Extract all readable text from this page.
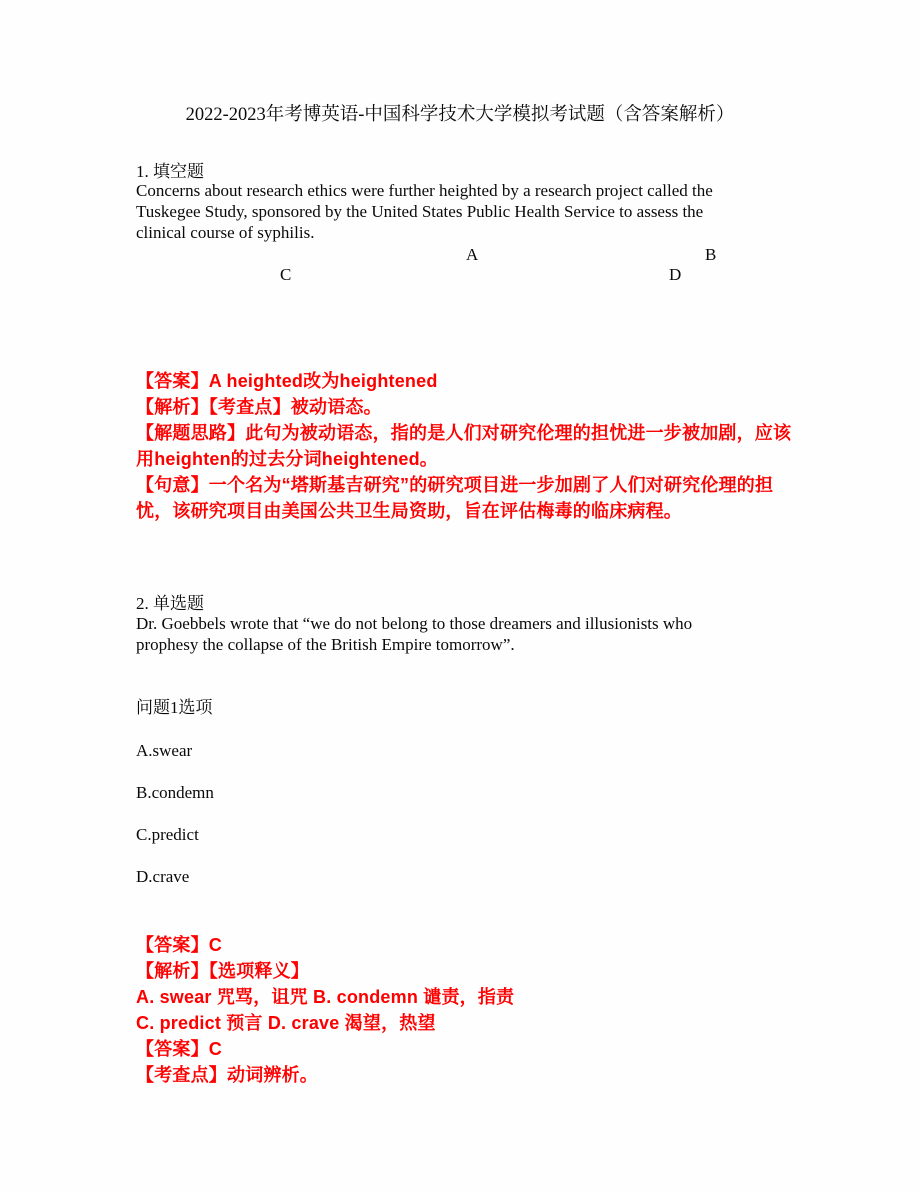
2022-2023年考博英语-中国科学技术大学模拟考试题（含答案解析）
1. 填空题
Concerns about research ethics were further heighted by a research project called the
Tuskegee Study, sponsored by the United States Public Health Service to assess the
clinical course of syphilis.
A	B
C	D
【答案】A heighted改为heightened
【解析】【考查点】被动语态。
【解题思路】此句为被动语态，指的是人们对研究伦理的担忧进一步被加剧，应该
用heighten的过去分词heightened。
【句意】一个名为“塔斯基吉研究”的研究项目进一步加剧了人们对研究伦理的担
忧，该研究项目由美国公共卫生局资助，旨在评估梅毒的临床病程。
2. 单选题
Dr. Goebbels wrote that “we do not belong to those dreamers and illusionists who
prophesy the collapse of the British Empire tomorrow”.
问题1选项
A.swear
B.condemn
C.predict
D.crave
【答案】C
【解析】【选项释义】
A. swear 咒骂，诅咒 B. condemn 谴责，指责
C. predict 预言 D. crave 渴望，热望
【答案】C
【考查点】动词辨析。
